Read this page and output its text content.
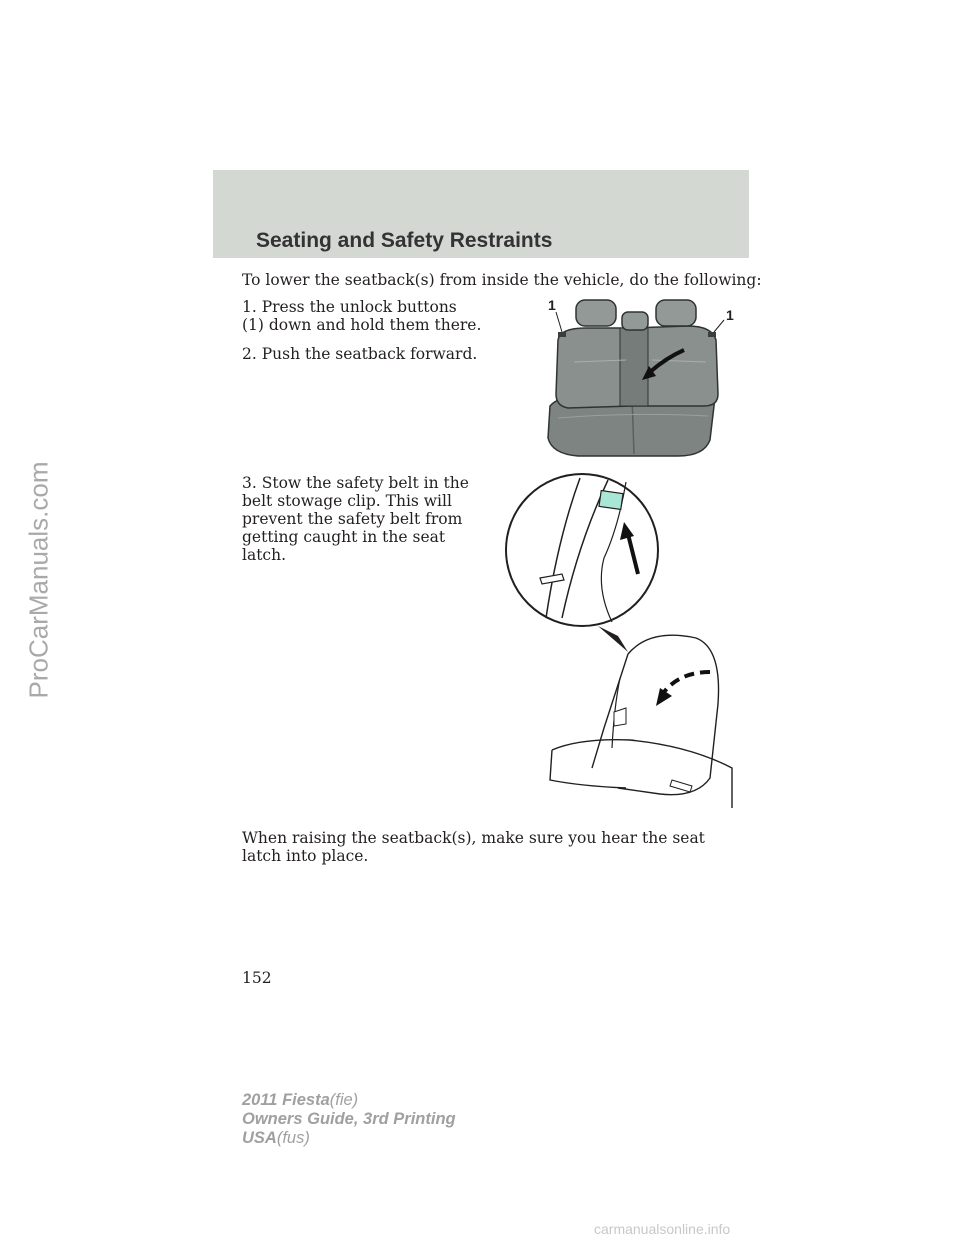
Seating and Safety Restraints

To lower the seatback(s) from inside the vehicle, do the following:

1. Press the unlock buttons (1) down and hold them there.

2. Push the seatback forward.

1
1

3. Stow the safety belt in the belt stowage clip. This will prevent the safety belt from getting caught in the seat latch.

When raising the seatback(s), make sure you hear the seat latch into place.

152
ProCarManuals.com
2011 Fiesta(fie)
Owners Guide, 3rd Printing
USA(fus)
carmanualsonline.info
